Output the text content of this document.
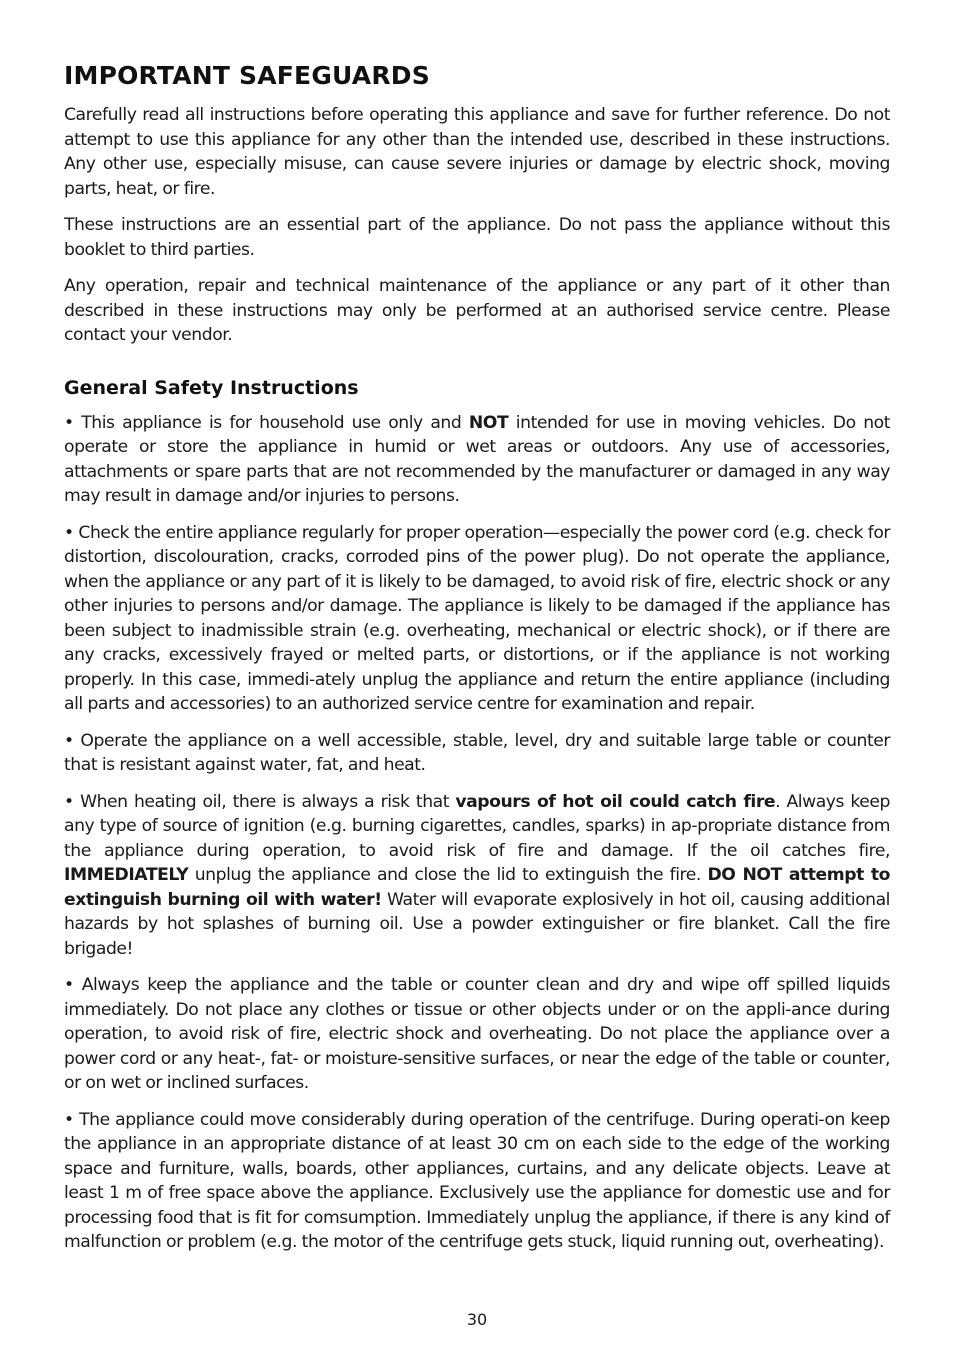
IMPORTANT SAFEGUARDS

Carefully read all instructions before operating this appliance and save for further reference. Do not attempt to use this appliance for any other than the intended use, described in these instructions. Any other use, especially misuse, can cause severe injuries or damage by electric shock, moving parts, heat, or fire.

These instructions are an essential part of the appliance. Do not pass the appliance without this booklet to third parties.

Any operation, repair and technical maintenance of the appliance or any part of it other than described in these instructions may only be performed at an authorised service centre. Please contact your vendor.

General Safety Instructions

• This appliance is for household use only and NOT intended for use in moving vehicles. Do not operate or store the appliance in humid or wet areas or outdoors. Any use of accessories, attachments or spare parts that are not recommended by the manufacturer or damaged in any way may result in damage and/or injuries to persons.

• Check the entire appliance regularly for proper operation—especially the power cord (e.g. check for distortion, discolouration, cracks, corroded pins of the power plug). Do not operate the appliance, when the appliance or any part of it is likely to be damaged, to avoid risk of fire, electric shock or any other injuries to persons and/or damage. The appliance is likely to be damaged if the appliance has been subject to inadmissible strain (e.g. overheating, mechanical or electric shock), or if there are any cracks, excessively frayed or melted parts, or distortions, or if the appliance is not working properly. In this case, immedi-ately unplug the appliance and return the entire appliance (including all parts and accessories) to an authorized service centre for examination and repair.

• Operate the appliance on a well accessible, stable, level, dry and suitable large table or counter that is resistant against water, fat, and heat.

• When heating oil, there is always a risk that vapours of hot oil could catch fire. Always keep any type of source of ignition (e.g. burning cigarettes, candles, sparks) in ap-propriate distance from the appliance during operation, to avoid risk of fire and damage. If the oil catches fire, IMMEDIATELY unplug the appliance and close the lid to extinguish the fire. DO NOT attempt to extinguish burning oil with water! Water will evaporate explosively in hot oil, causing additional hazards by hot splashes of burning oil. Use a powder extinguisher or fire blanket. Call the fire brigade!

• Always keep the appliance and the table or counter clean and dry and wipe off spilled liquids immediately. Do not place any clothes or tissue or other objects under or on the appli-ance during operation, to avoid risk of fire, electric shock and overheating. Do not place the appliance over a power cord or any heat-, fat- or moisture-sensitive surfaces, or near the edge of the table or counter, or on wet or inclined surfaces.

• The appliance could move considerably during operation of the centrifuge. During operati-on keep the appliance in an appropriate distance of at least 30 cm on each side to the edge of the working space and furniture, walls, boards, other appliances, curtains, and any delicate objects. Leave at least 1 m of free space above the appliance. Exclusively use the appliance for domestic use and for processing food that is fit for comsumption. Immediately unplug the appliance, if there is any kind of malfunction or problem (e.g. the motor of the centrifuge gets stuck, liquid running out, overheating).

30
